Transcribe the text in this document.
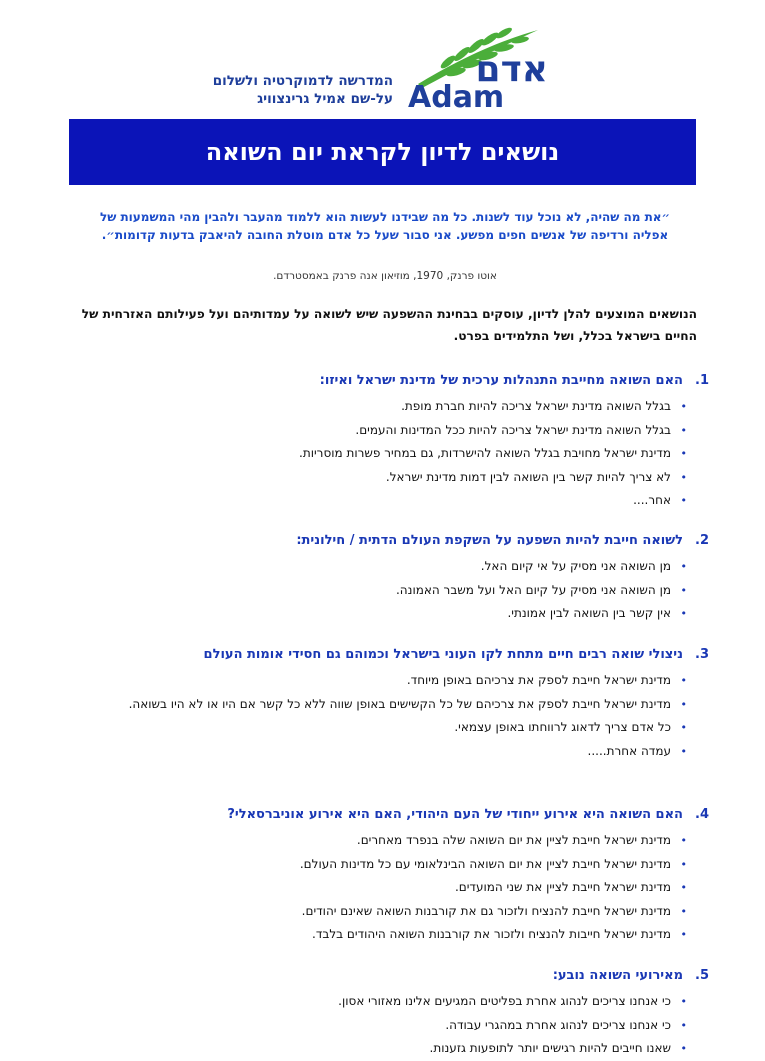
אדם
Adam
המדרשה לדמוקרטיה ולשלום
על-שם אמיל גרינצוויג
נושאים לדיון לקראת יום השואה
״את מה שהיה, לא נוכל עוד לשנות. כל מה שבידנו לעשות הוא ללמוד מהעבר ולהבין מהי המשמעות של אפליה ורדיפה של אנשים חפים מפשע. אני סבור שעל כל אדם מוטלת החובה להיאבק בדעות קדומות״.
אוטו פרנק, 1970, מוזיאון אנה פרנק באמסטרדם.
הנושאים המוצעים להלן לדיון, עוסקים בבחינת ההשפעה שיש לשואה על עמדותיהם ועל פעילותם האזרחית של החיים בישראל בכלל, ושל התלמידים בפרט.
1.האם השואה מחייבת התנהלות ערכית של מדינת ישראל ואיזו:
• בגלל השואה מדינת ישראל צריכה להיות חברת מופת.
• בגלל השואה מדינת ישראל צריכה להיות ככל המדינות והעמים.
• מדינת ישראל מחויבת בגלל השואה להישרדות, גם במחיר פשרות מוסריות.
• לא צריך להיות קשר בין השואה לבין דמות מדינת ישראל.
• אחר....
2.לשואה חייבת להיות השפעה על השקפת העולם הדתית / חילונית:
• מן השואה אני מסיק על אי קיום האל.
• מן השואה אני מסיק על קיום האל ועל משבר האמונה.
• אין קשר בין השואה לבין אמונתי.
3.ניצולי שואה רבים חיים מתחת לקו העוני בישראל וכמוהם גם חסידי אומות העולם
• מדינת ישראל חייבת לספק את צרכיהם באופן מיוחד.
• מדינת ישראל חייבת לספק את צרכיהם של כל הקשישים באופן שווה ללא כל קשר אם היו או לא היו בשואה.
• כל אדם צריך לדאוג לרווחתו באופן עצמאי.
• עמדה אחרת.....
4.האם השואה היא אירוע ייחודי של העם היהודי, האם היא אירוע אוניברסאלי?
• מדינת ישראל חייבת לציין את יום השואה שלה בנפרד מאחרים.
• מדינת ישראל חייבת לציין את יום השואה הבינלאומי עם כל מדינות העולם.
• מדינת ישראל חייבת לציין את שני המועדים.
• מדינת ישראל חייבת להנציח ולזכור גם את קורבנות השואה שאינם יהודים.
• מדינת ישראל חייבות להנציח ולזכור את קורבנות השואה היהודים בלבד.
5.מאירועי השואה נובע:
• כי אנחנו צריכים לנהוג אחרת בפליטים המגיעים אלינו מאזורי אסון.
• כי אנחנו צריכים לנהוג אחרת במהגרי עבודה.
• שאנו חייבים להיות רגישים יותר לתופעות גזענות.
